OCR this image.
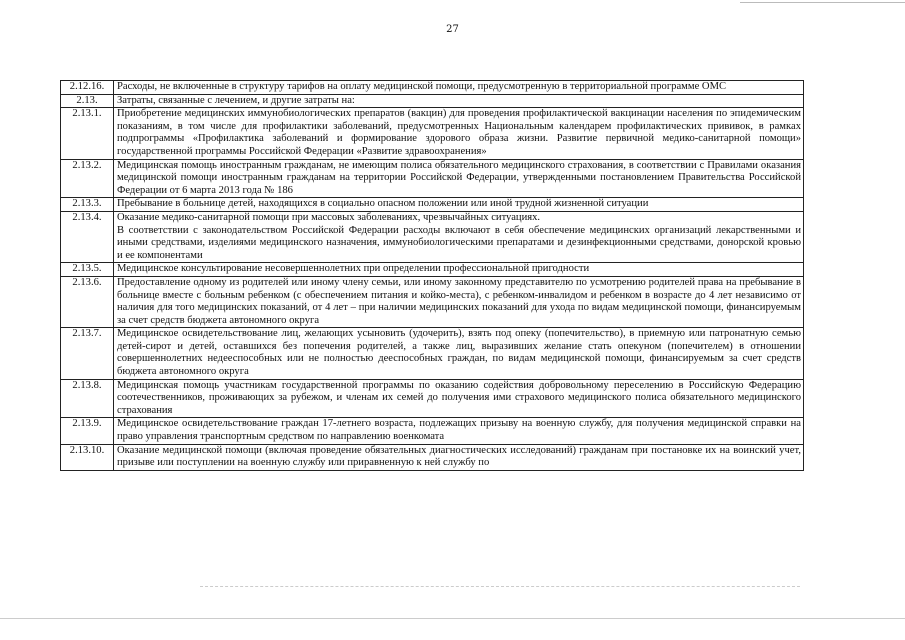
27
2.12.16.	Расходы, не включенные в структуру тарифов на оплату медицинской помощи, предусмотренную в территориальной программе ОМС

2.13.	Затраты, связанные с лечением, и другие затраты на:

2.13.1.	Приобретение медицинских иммунобиологических препаратов (вакцин) для проведения профилактической вакцинации населения по эпидемическим показаниям, в том числе для профилактики заболеваний, предусмотренных Национальным календарем профилактических прививок, в рамках подпрограммы «Профилактика заболеваний и формирование здорового образа жизни. Развитие первичной медико-санитарной помощи» государственной программы Российской Федерации «Развитие здравоохранения»

2.13.2.	Медицинская помощь иностранным гражданам, не имеющим полиса обязательного медицинского страхования, в соответствии с Правилами оказания медицинской помощи иностранным гражданам на территории Российской Федерации, утвержденными постановлением Правительства Российской Федерации от 6 марта 2013 года № 186

2.13.3.	Пребывание в больнице детей, находящихся в социально опасном положении или иной трудной жизненной ситуации

2.13.4.	Оказание медико-санитарной помощи при массовых заболеваниях, чрезвычайных ситуациях.
В соответствии с законодательством Российской Федерации расходы включают в себя обеспечение медицинских организаций лекарственными и иными средствами, изделиями медицинского назначения, иммунобиологическими препаратами и дезинфекционными средствами, донорской кровью и ее компонентами

2.13.5.	Медицинское консультирование несовершеннолетних при определении профессиональной пригодности

2.13.6.	Предоставление одному из родителей или иному члену семьи, или иному законному представителю по усмотрению родителей права на пребывание в больнице вместе с больным ребенком (с обеспечением питания и койко-места), с ребенком-инвалидом и ребенком в возрасте до 4 лет независимо от наличия для того медицинских показаний, от 4 лет – при наличии медицинских показаний для ухода по видам медицинской помощи, финансируемым за счет средств бюджета автономного округа

2.13.7.	Медицинское освидетельствование лиц, желающих усыновить (удочерить), взять под опеку (попечительство), в приемную или патронатную семью детей-сирот и детей, оставшихся без попечения родителей, а также лиц, выразивших желание стать опекуном (попечителем) в отношении совершеннолетних недееспособных или не полностью дееспособных граждан, по видам медицинской помощи, финансируемым за счет средств бюджета автономного округа

2.13.8.	Медицинская помощь участникам государственной программы по оказанию содействия добровольному переселению в Российскую Федерацию соотечественников, проживающих за рубежом, и членам их семей до получения ими страхового медицинского полиса обязательного медицинского страхования

2.13.9.	Медицинское освидетельствование граждан 17-летнего возраста, подлежащих призыву на военную службу, для получения медицинской справки на право управления транспортным средством по направлению военкомата

2.13.10.	Оказание медицинской помощи (включая проведение обязательных диагностических исследований) гражданам при постановке их на воинский учет, призыве или поступлении на военную службу или приравненную к ней службу по
